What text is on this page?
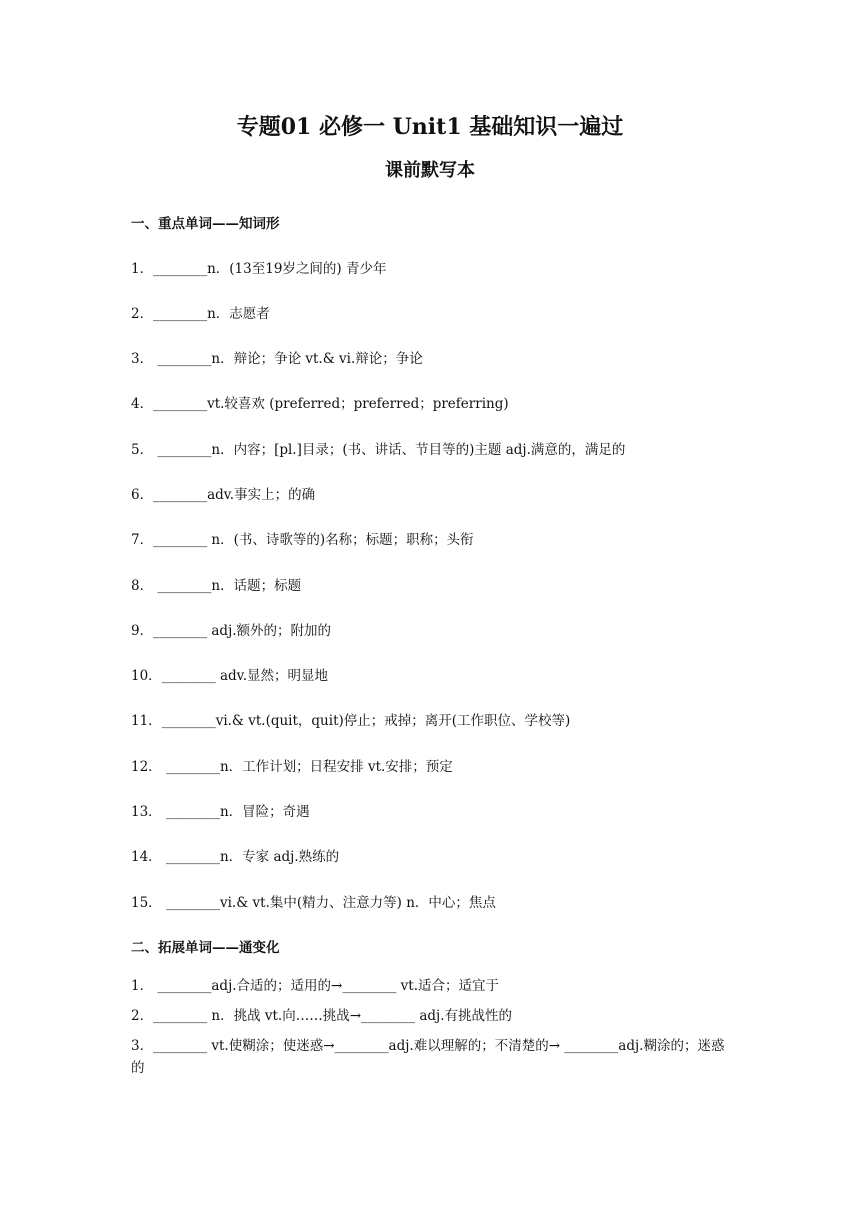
专题01 必修一 Unit1 基础知识一遍过
课前默写本
一、重点单词——知词形
1．________n．(13至19岁之间的) 青少年
2．________n．志愿者
3． ________n．辩论；争论 vt.& vi.辩论；争论
4．________vt.较喜欢 (preferred；preferred；preferring)
5． ________n．内容；[pl.]目录；(书、讲话、节目等的)主题 adj.满意的，满足的
6．________adv.事实上；的确
7．________ n．(书、诗歌等的)名称；标题；职称；头衔
8． ________n．话题；标题
9．________ adj.额外的；附加的
10．________ adv.显然；明显地
11．________vi.& vt.(quit，quit)停止；戒掉；离开(工作职位、学校等)
12． ________n．工作计划；日程安排 vt.安排；预定
13． ________n．冒险；奇遇
14． ________n．专家 adj.熟练的
15． ________vi.& vt.集中(精力、注意力等) n．中心；焦点
二、拓展单词——通变化
1． ________adj.合适的；适用的→________ vt.适合；适宜于
2．________ n．挑战 vt.向……挑战→________ adj.有挑战性的
3．________ vt.使糊涂；使迷惑→________adj.难以理解的；不清楚的→ ________adj.糊涂的；迷惑的
